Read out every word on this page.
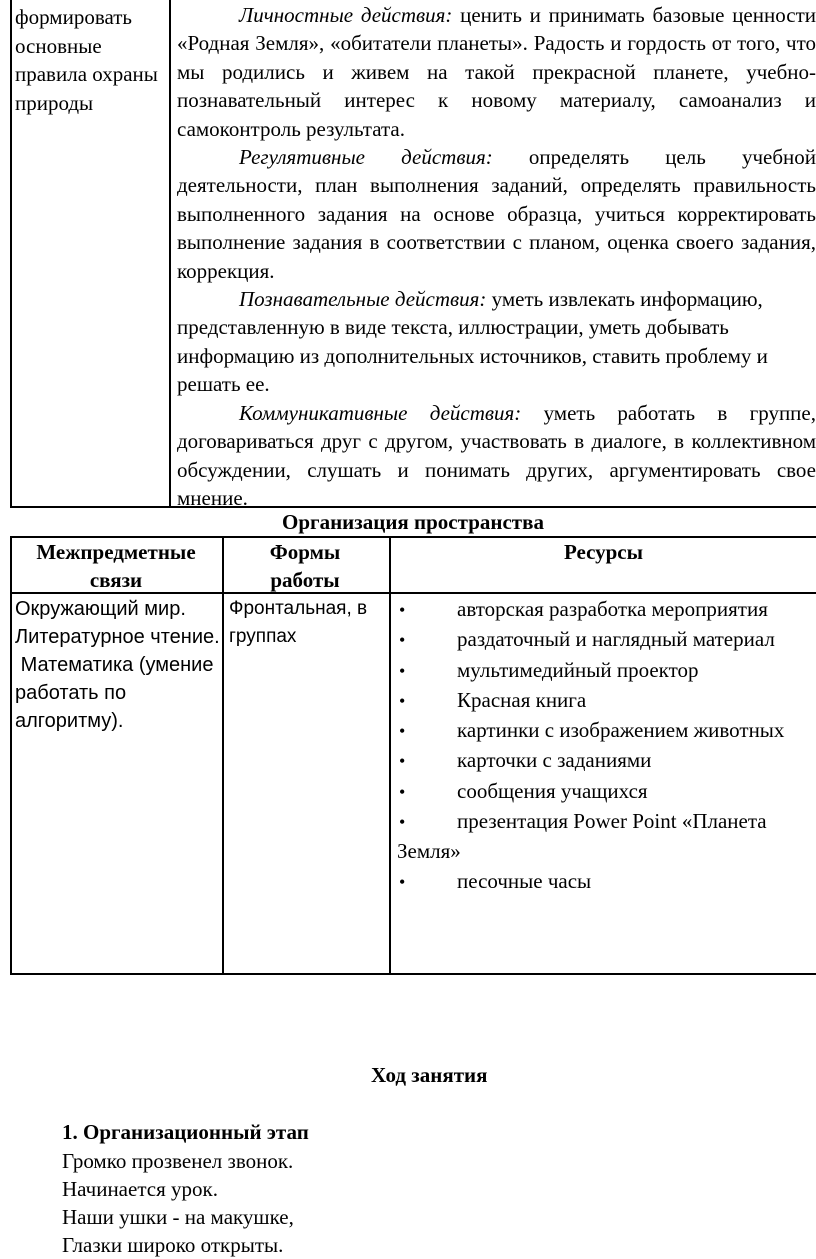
формировать основные правила охраны природы

Личностные действия: ценить и принимать базовые ценности «Родная Земля», «обитатели планеты». Радость и гордость от того, что мы родились и живем на такой прекрасной планете, учебно-познавательный интерес к новому материалу, самоанализ и самоконтроль результата.

Регулятивные действия: определять цель учебной деятельности, план выполнения заданий, определять правильность выполненного задания на основе образца, учиться корректировать выполнение задания в соответствии с планом, оценка своего задания, коррекция.

Познавательные действия: уметь извлекать информацию, представленную в виде текста, иллюстрации, уметь добывать информацию из дополнительных источников, ставить проблему и решать ее.

Коммуникативные действия: уметь работать в группе, договариваться друг с другом, участвовать в диалоге, в коллективном обсуждении, слушать и понимать других, аргументировать свое мнение.

Организация пространства
Межпредметные связи
Формы работы
Ресурсы
Окружающий мир.
Литературное чтение.
Математика (умение работать по алгоритму).
Фронтальная, в группах
•авторская разработка мероприятия
•раздаточный и наглядный материал
•мультимедийный проектор
•Красная книга
•картинки с изображением животных
•карточки с заданиями
•сообщения учащихся
•презентация Power Point «Планета Земля»
•песочные часы
Ход занятия
1. Организационный этап
Громко прозвенел звонок.
Начинается урок.
Наши ушки - на макушке,
Глазки широко открыты.
